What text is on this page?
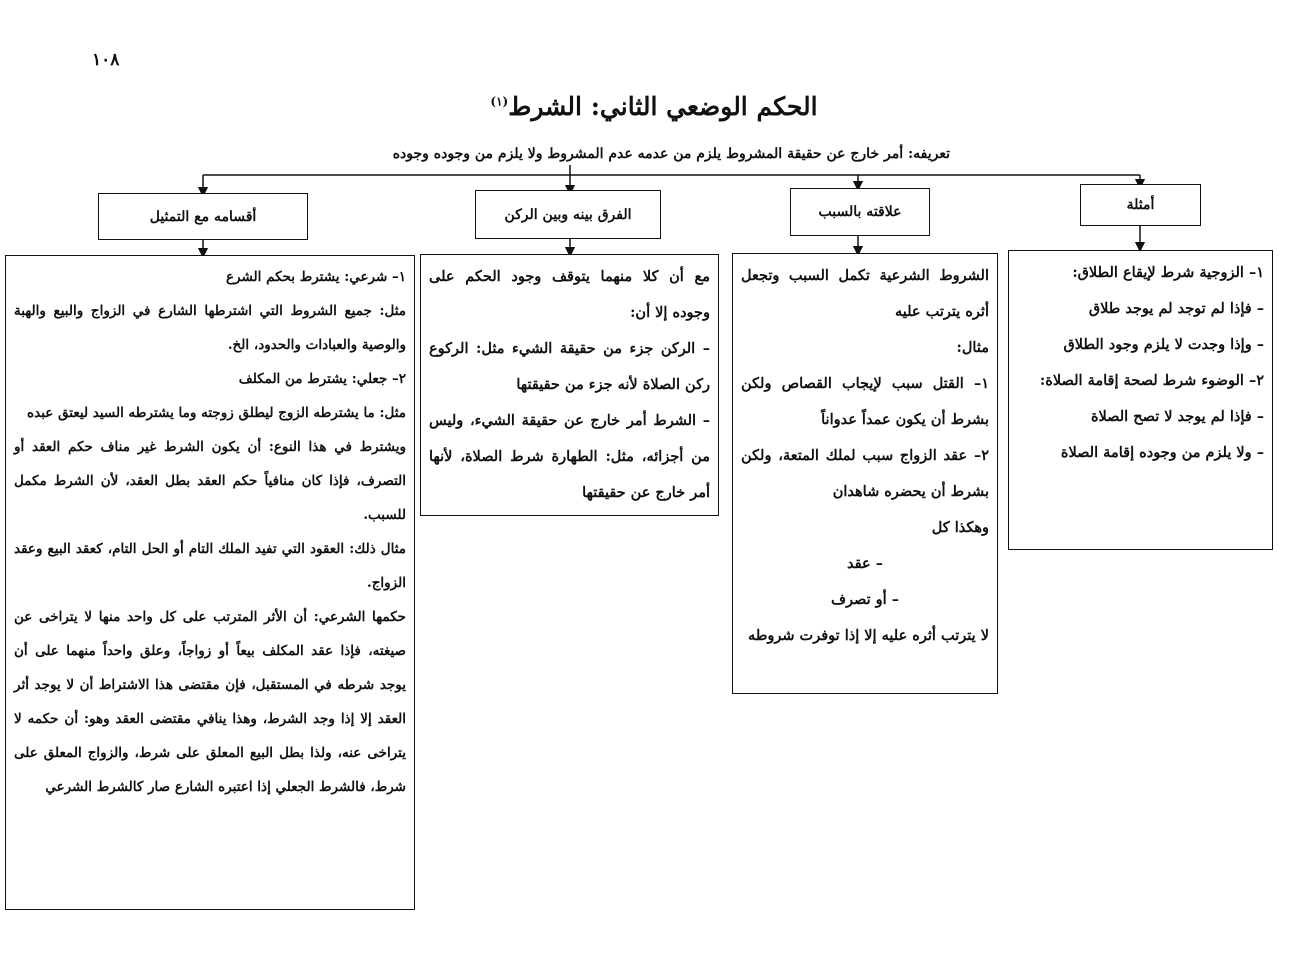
١٠٨
الحكم الوضعي الثاني: الشرط$^{(١)}$
تعريفه: أمر خارج عن حقيقة المشروط يلزم من عدمه عدم المشروط ولا يلزم من وجوده وجوده
أمثلة
علاقته بالسبب
الفرق بينه وبين الركن
أقسامه مع التمثيل

١– الزوجية شرط لإيقاع الطلاق:

– فإذا لم توجد لم يوجد طلاق

– وإذا وجدت لا يلزم وجود الطلاق

٢– الوضوء شرط لصحة إقامة الصلاة:

– فإذا لم يوجد لا تصح الصلاة

– ولا يلزم من وجوده إقامة الصلاة

الشروط الشرعية تكمل السبب وتجعل أثره يترتب عليه

مثال:

١– القتل سبب لإيجاب القصاص ولكن بشرط أن يكون عمداً عدواناً

٢– عقد الزواج سبب لملك المتعة، ولكن بشرط أن يحضره شاهدان

وهكذا كل

– عقد

– أو تصرف

لا يترتب أثره عليه إلا إذا توفرت شروطه

مع أن كلا منهما يتوقف وجود الحكم على وجوده إلا أن:

– الركن جزء من حقيقة الشيء مثل: الركوع ركن الصلاة لأنه جزء من حقيقتها

– الشرط أمر خارج عن حقيقة الشيء، وليس من أجزائه، مثل: الطهارة شرط الصلاة، لأنها أمر خارج عن حقيقتها

١– شرعي: يشترط بحكم الشرع

مثل: جميع الشروط التي اشترطها الشارع في الزواج والبيع والهبة والوصية والعبادات والحدود، الخ.

٢– جعلي: يشترط من المكلف

مثل: ما يشترطه الزوج ليطلق زوجته وما يشترطه السيد ليعتق عبده

ويشترط في هذا النوع: أن يكون الشرط غير مناف حكم العقد أو التصرف، فإذا كان منافياً حكم العقد بطل العقد، لأن الشرط مكمل للسبب.

مثال ذلك: العقود التي تفيد الملك التام أو الحل التام، كعقد البيع وعقد الزواج.

حكمها الشرعي: أن الأثر المترتب على كل واحد منها لا يتراخى عن صيغته، فإذا عقد المكلف بيعاً أو زواجاً، وعلق واحداً منهما على أن يوجد شرطه في المستقبل، فإن مقتضى هذا الاشتراط أن لا يوجد أثر العقد إلا إذا وجد الشرط، وهذا ينافي مقتضى العقد وهو: أن حكمه لا يتراخى عنه، ولذا بطل البيع المعلق على شرط، والزواج المعلق على شرط، فالشرط الجعلي إذا اعتبره الشارع صار كالشرط الشرعي
